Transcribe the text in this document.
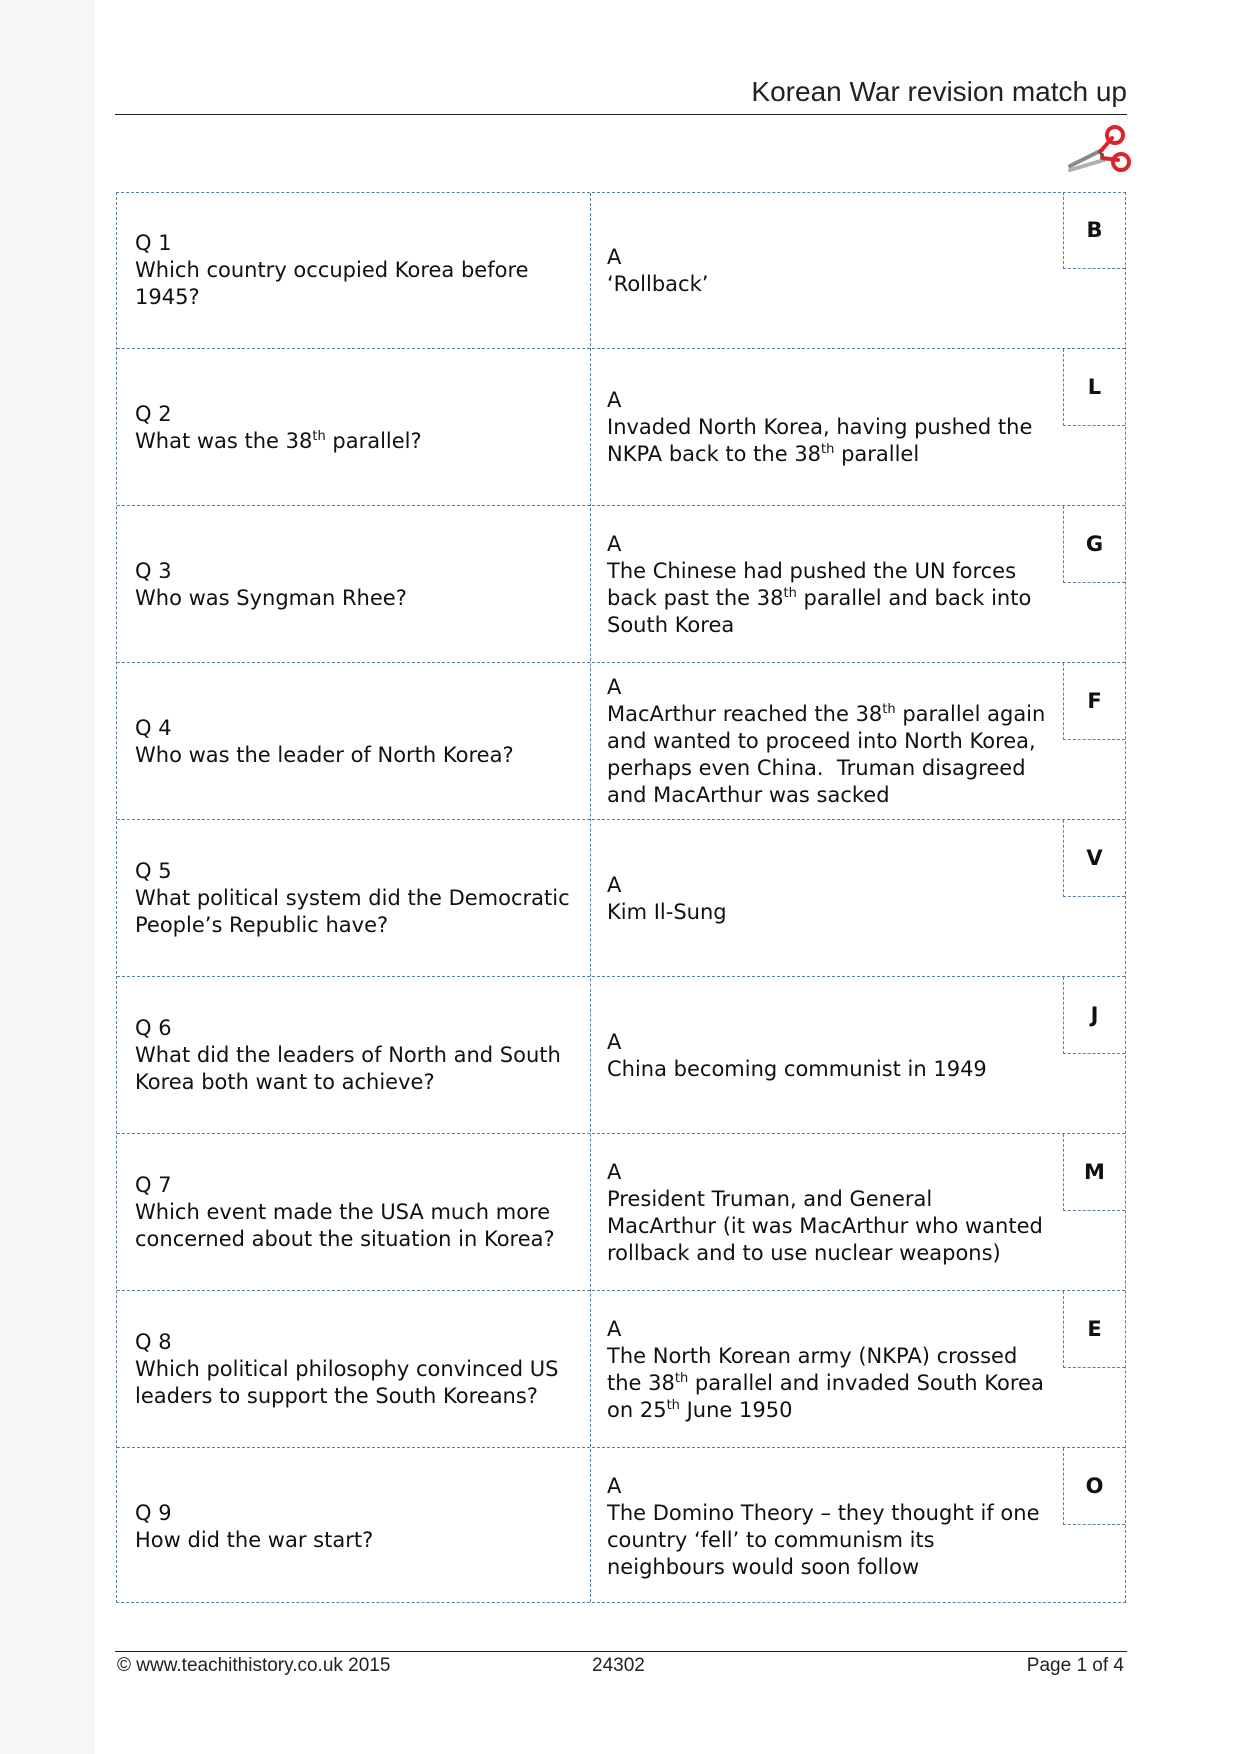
Korean War revision match up
Q 1
Which country occupied Korea before 1945?
A
‘Rollback’
B
Q 2
What was the 38th parallel?
A
Invaded North Korea, having pushed the NKPA back to the 38th parallel
L
Q 3
Who was Syngman Rhee?
A
The Chinese had pushed the UN forces back past the 38th parallel and back into South Korea
G
Q 4
Who was the leader of North Korea?
A
MacArthur reached the 38th parallel again and wanted to proceed into North Korea, perhaps even China.  Truman disagreed and MacArthur was sacked
F
Q 5
What political system did the Democratic People’s Republic have?
A
Kim Il-Sung
V
Q 6
What did the leaders of North and South Korea both want to achieve?
A
China becoming communist in 1949
J
Q 7
Which event made the USA much more concerned about the situation in Korea?
A
President Truman, and General MacArthur (it was MacArthur who wanted rollback and to use nuclear weapons)
M
Q 8
Which political philosophy convinced US leaders to support the South Koreans?
A
The North Korean army (NKPA) crossed the 38th parallel and invaded South Korea on 25th June 1950
E
Q 9
How did the war start?
A
The Domino Theory – they thought if one country ‘fell’ to communism its neighbours would soon follow
O
© www.teachithistory.co.uk 2015	24302	Page 1 of 4
